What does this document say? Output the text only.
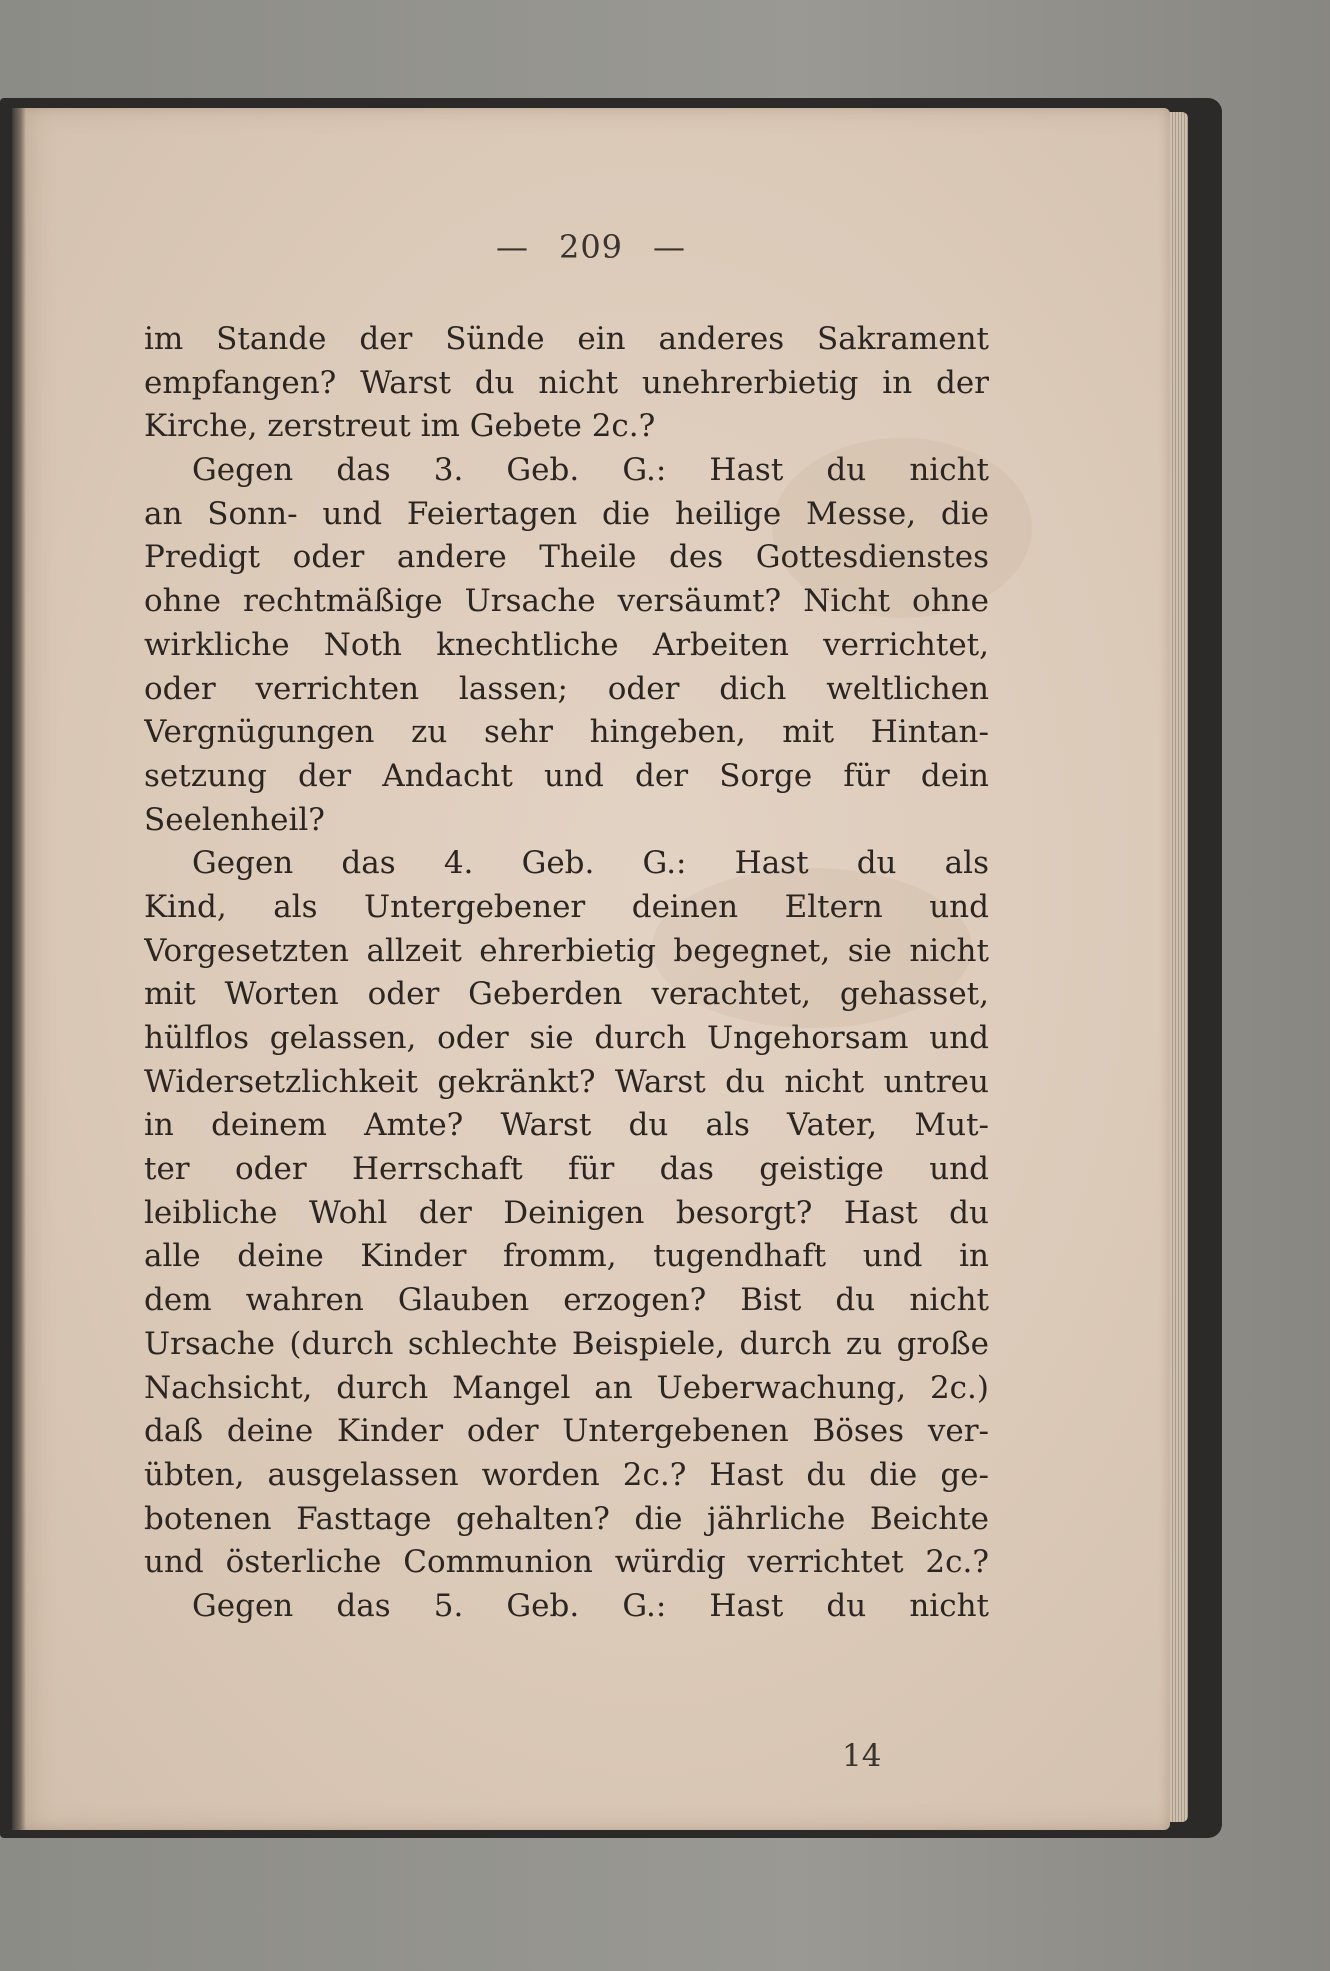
— 209 —
im Stande der Sünde ein anderes Sakrament
empfangen? Warst du nicht unehrerbietig in der
Kirche, zerstreut im Gebete 2c.?
Gegen das 3. Geb. G.: Hast du nicht
an Sonn- und Feiertagen die heilige Messe, die
Predigt oder andere Theile des Gottesdienstes
ohne rechtmäßige Ursache versäumt? Nicht ohne
wirkliche Noth knechtliche Arbeiten verrichtet,
oder verrichten lassen; oder dich weltlichen
Vergnügungen zu sehr hingeben, mit Hintan-
setzung der Andacht und der Sorge für dein
Seelenheil?
Gegen das 4. Geb. G.: Hast du als
Kind, als Untergebener deinen Eltern und
Vorgesetzten allzeit ehrerbietig begegnet, sie nicht
mit Worten oder Geberden verachtet, gehasset,
hülflos gelassen, oder sie durch Ungehorsam und
Widersetzlichkeit gekränkt? Warst du nicht untreu
in deinem Amte? Warst du als Vater, Mut-
ter oder Herrschaft für das geistige und
leibliche Wohl der Deinigen besorgt? Hast du
alle deine Kinder fromm, tugendhaft und in
dem wahren Glauben erzogen? Bist du nicht
Ursache (durch schlechte Beispiele, durch zu große
Nachsicht, durch Mangel an Ueberwachung, 2c.)
daß deine Kinder oder Untergebenen Böses ver-
übten, ausgelassen worden 2c.? Hast du die ge-
botenen Fasttage gehalten? die jährliche Beichte
und österliche Communion würdig verrichtet 2c.?
Gegen das 5. Geb. G.: Hast du nicht
14
